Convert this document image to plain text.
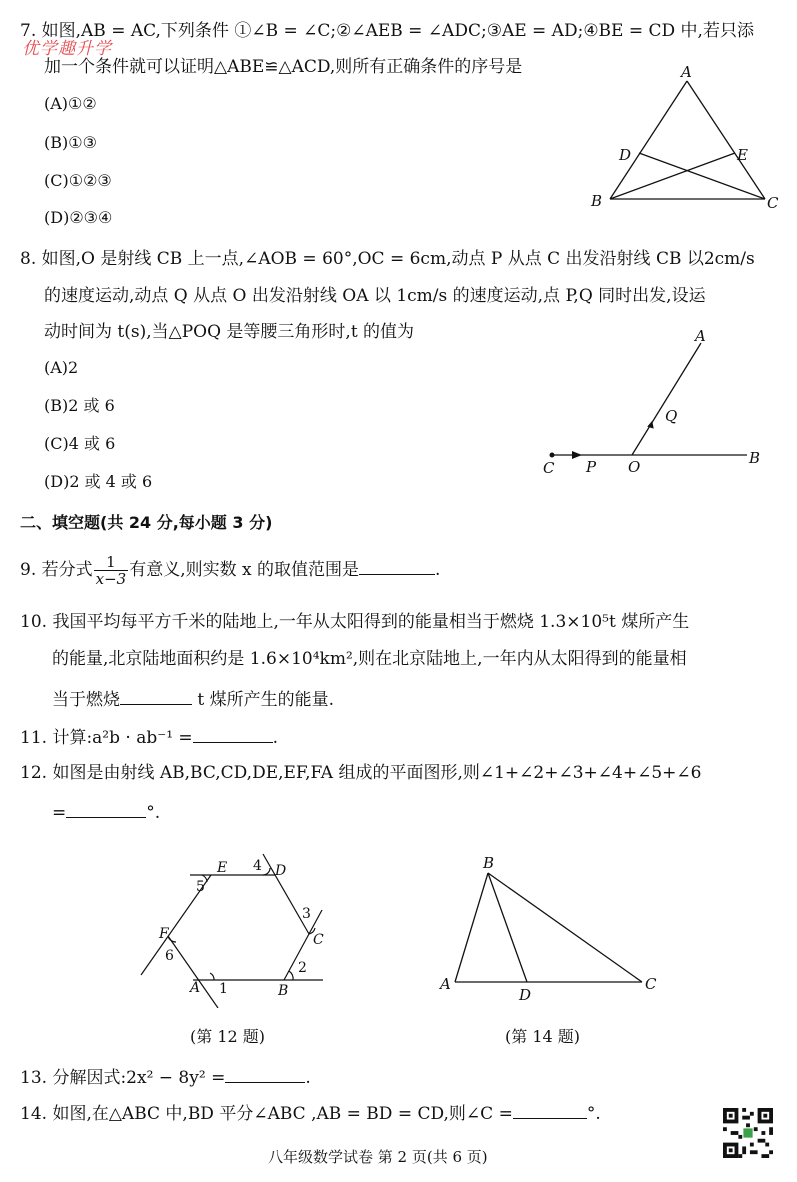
7. 如图,AB = AC,下列条件 ①∠B = ∠C;②∠AEB = ∠ADC;③AE = AD;④BE = CD 中,若只添
优学趣升学
加一个条件就可以证明△ABE≌△ACD,则所有正确条件的序号是
(A)①②
(B)①③
(C)①②③
(D)②③④
A
D	E
B	C
8. 如图,O 是射线 CB 上一点,∠AOB = 60°,OC = 6cm,动点 P 从点 C 出发沿射线 CB 以2cm/s
的速度运动,动点 Q 从点 O 出发沿射线 OA 以 1cm/s 的速度运动,点 P,Q 同时出发,设运
动时间为 t(s),当△POQ 是等腰三角形时,t 的值为
(A)2
(B)2 或 6
(C)4 或 6
(D)2 或 4 或 6
A
Q
C P O	B
二、填空题(共 24 分,每小题 3 分)
9. 若分式 $\frac{1}{x-3}$ 有意义,则实数 x 的取值范围是	.
10. 我国平均每平方千米的陆地上,一年从太阳得到的能量相当于燃烧 1.3×10⁵t 煤所产生
的能量,北京陆地面积约是 1.6×10⁴km²,则在北京陆地上,一年内从太阳得到的能量相
当于燃烧	t 煤所产生的能量.
11. 计算:a²b · ab⁻¹ =	.
12. 如图是由射线 AB,BC,CD,DE,EF,FA 组成的平面图形,则∠1+∠2+∠3+∠4+∠5+∠6
=	°.
A	B
C
D
E
F
1
2
3
4
5
6
(第 12 题)
B
A
D
C
(第 14 题)
13. 分解因式:2x² − 8y² =	.
14. 如图,在△ABC 中,BD 平分∠ABC ,AB = BD = CD,则∠C =	°.
八年级数学试卷 第 2 页(共 6 页)
